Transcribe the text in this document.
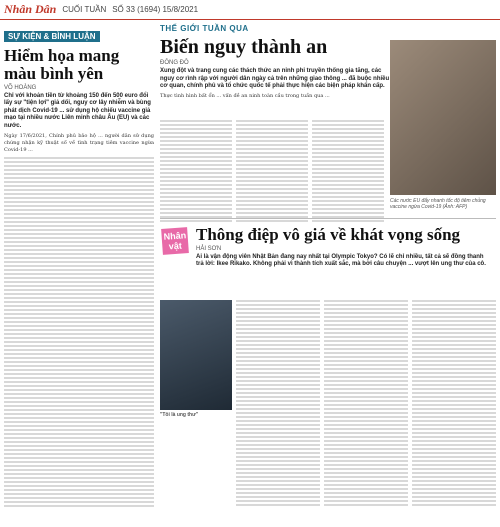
Nhân Dân CUỐI TUẦN SỐ 33 (1694) 15/8/2021
SỰ KIỆN & BÌNH LUẬN
Hiểm họa mang màu bình yên
VÕ HOÀNG
Chỉ với khoản tiền từ khoảng 150 đến 500 euro đổi lấy sự "tiện lợi" giả dối, nguy cơ lây nhiễm và bùng phát dịch Covid-19 ... sử dụng hộ chiếu vaccine giả mạo tại nhiều nước Liên minh châu Âu (EU) và các nước.
Ngày 17/6/2021, Chính phủ bảo hộ ... người dân sử dụng chứng nhận kỹ thuật số về tình trạng tiêm vaccine ngừa Covid-19 ...
THẾ GIỚI TUẦN QUA
Biến nguy thành an
ĐÔNG ĐÔ
Xung đột và trang cung các thách thức an ninh phi truyền thống gia tăng, các nguy cơ rình rập với người dân ngày cả trên những giao thông ... đã buộc nhiều cơ quan, chính phủ và tổ chức quốc tế phải thực hiện các biện pháp khẩn cấp.
Các nước EU đẩy nhanh tốc độ tiêm chủng vaccine ngừa Covid-19 (Ảnh: AFP)
Thực tình hình bất ổn ... vấn đề an ninh toàn cầu trong tuần qua ...
Nhân vật
Thông điệp vô giá về khát vọng sống
HẢI SƠN
Ai là vận động viên Nhật Bản đang nay nhất tại Olympic Tokyo? Có lẽ chỉ nhiều, tất cả sẽ đồng thanh trả lời: Ikee Rikako. Không phải vì thành tích xuất sắc, mà bởi câu chuyện ... vượt lên ung thư của cô.
"Tôi là ung thư"
